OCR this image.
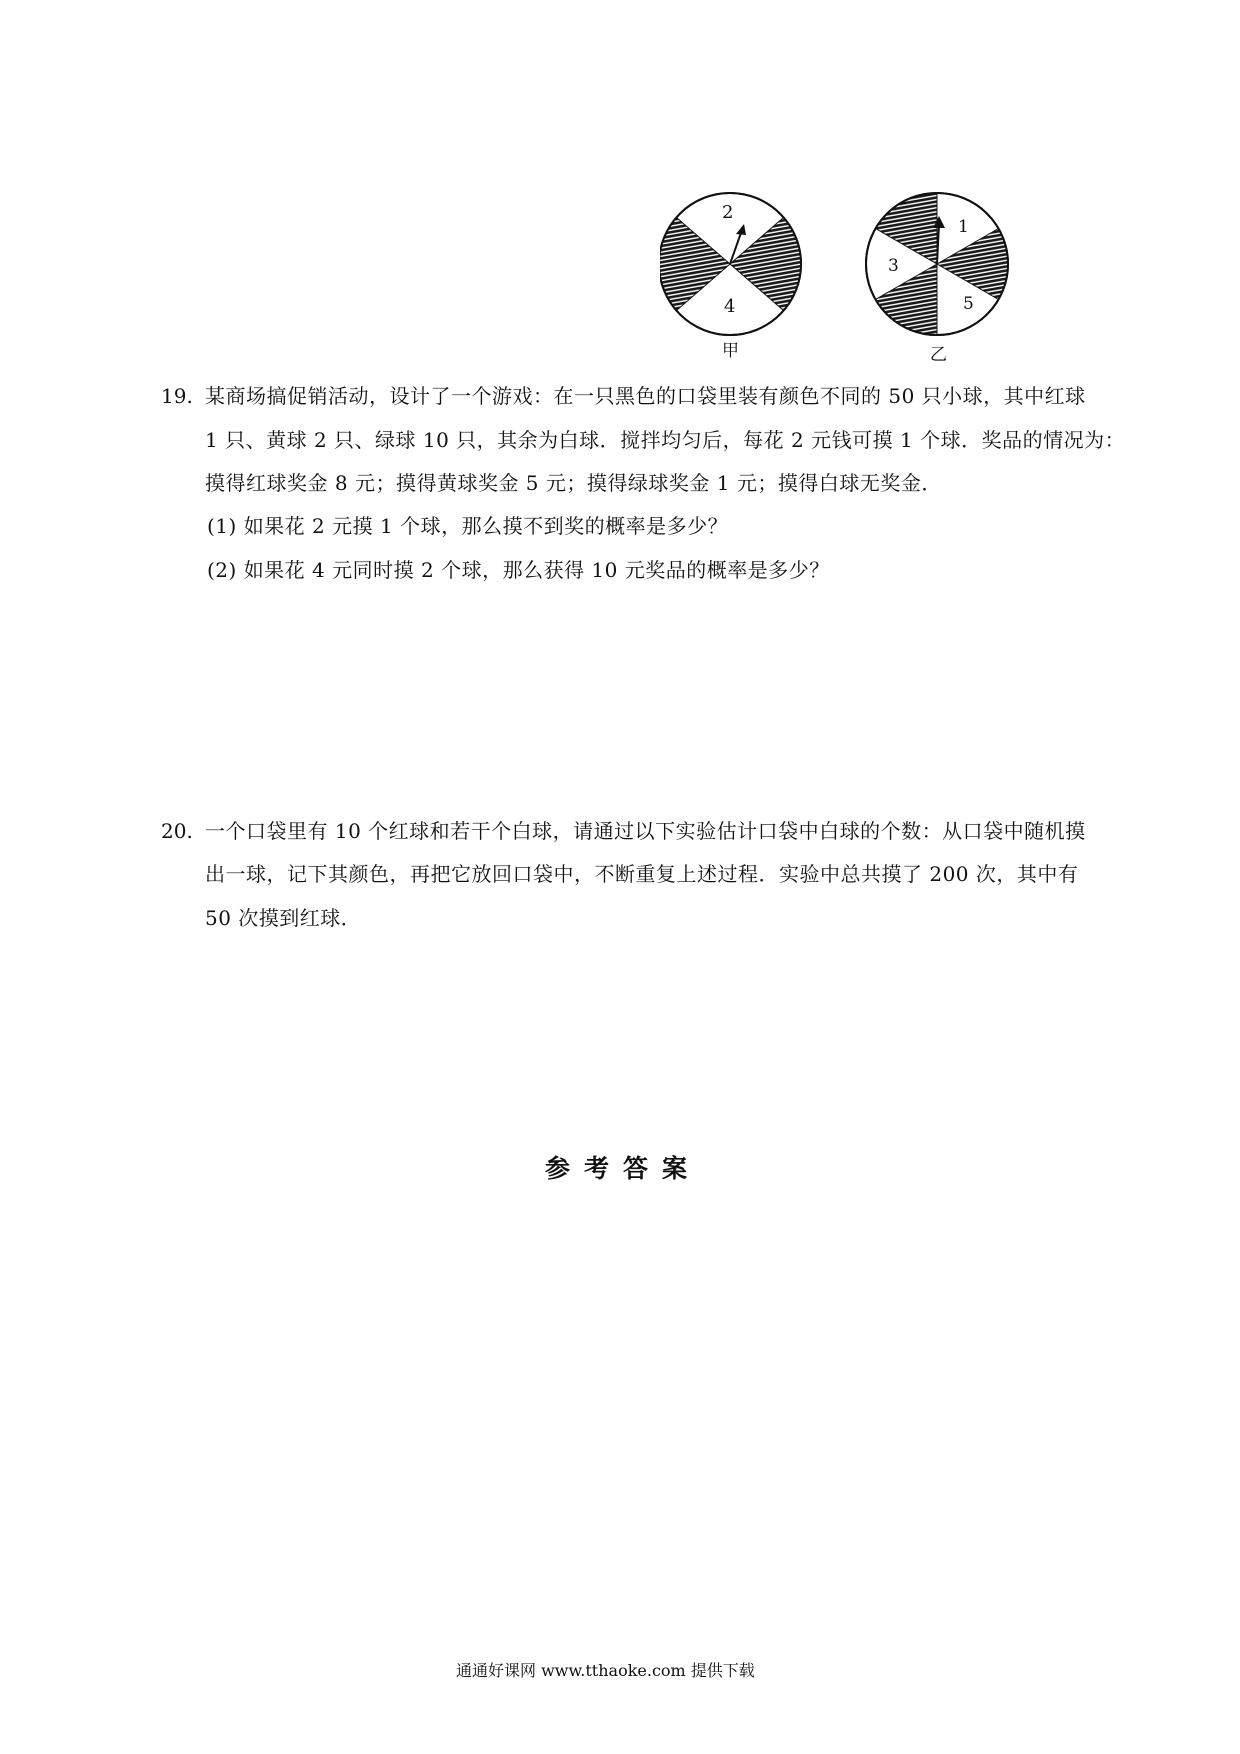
2
4
1
3
5
甲	乙
19. 某商场搞促销活动，设计了一个游戏：在一只黑色的口袋里装有颜色不同的 50 只小球，其中红球
1 只、黄球 2 只、绿球 10 只，其余为白球．搅拌均匀后，每花 2 元钱可摸 1 个球．奖品的情况为：
摸得红球奖金 8 元；摸得黄球奖金 5 元；摸得绿球奖金 1 元；摸得白球无奖金．
(1) 如果花 2 元摸 1 个球，那么摸不到奖的概率是多少？
(2) 如果花 4 元同时摸 2 个球，那么获得 10 元奖品的概率是多少？
20. 一个口袋里有 10 个红球和若干个白球，请通过以下实验估计口袋中白球的个数：从口袋中随机摸
出一球，记下其颜色，再把它放回口袋中，不断重复上述过程．实验中总共摸了 200 次，其中有
50 次摸到红球．
参考答案
通通好课网 www.tthaoke.com 提供下载
